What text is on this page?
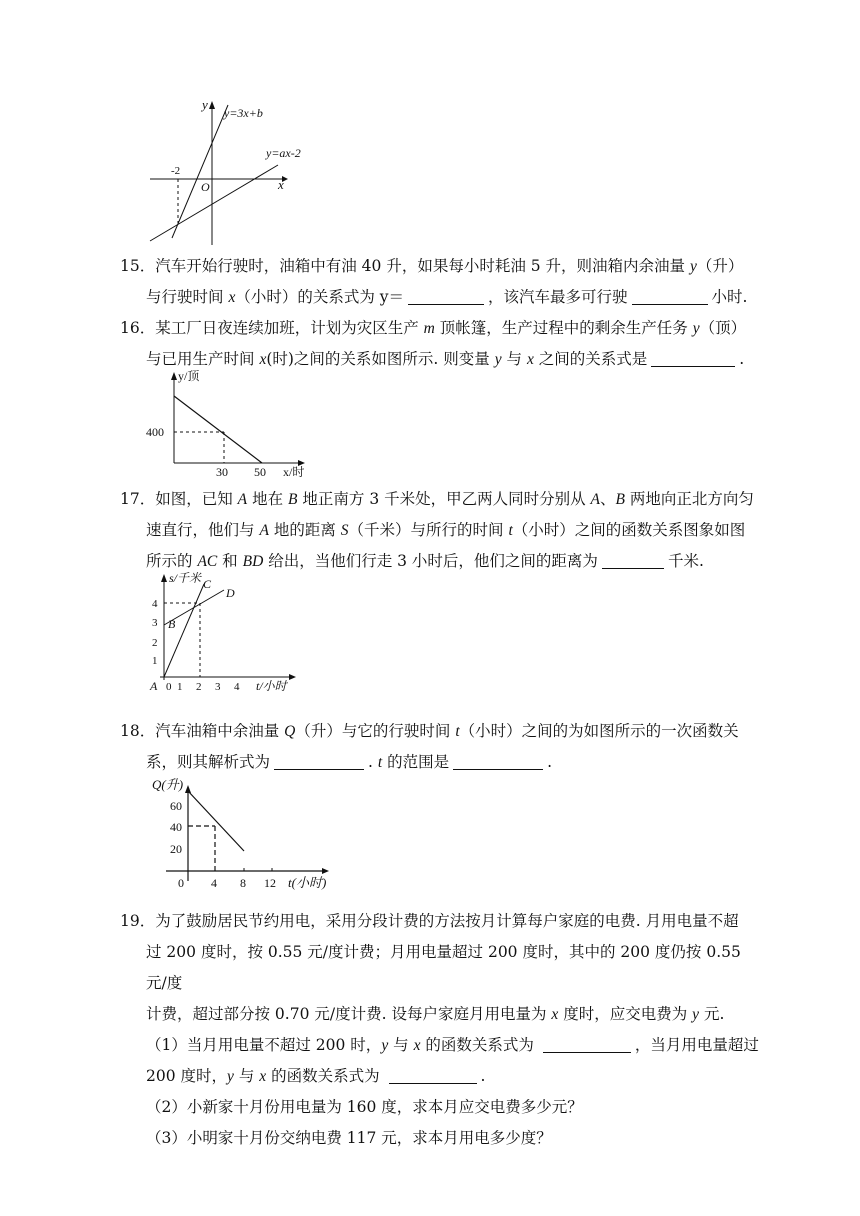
y
x
O
y=3x+b
y=ax-2
-2

15．汽车开始行驶时，油箱中有油 40 升，如果每小时耗油 5 升，则油箱内余油量 y（升）

与行驶时间 x（小时）的关系式为 y＝	，该汽车最多可行驶	小时.

16．某工厂日夜连续加班，计划为灾区生产 m 顶帐篷，生产过程中的剩余生产任务 y（顶）

与已用生产时间 x(时)之间的关系如图所示. 则变量 y 与 x 之间的关系式是	.

y/顶
x/时
400
30 50

17．如图，已知 A 地在 B 地正南方 3 千米处，甲乙两人同时分别从 A、B 两地向正北方向匀

速直行，他们与 A 地的距离 S（千米）与所行的时间 t（小时）之间的函数关系图象如图

所示的 AC 和 BD 给出，当他们行走 3 小时后，他们之间的距离为	千米.

s/千米
t/小时
1
2
3
4
0 1 2 3 4
A
B
C
D

18．汽车油箱中余油量 Q（升）与它的行驶时间 t（小时）之间的为如图所示的一次函数关

系，则其解析式为	. t 的范围是	.

Q(升)
t(小时)
20
40
60
0 4 8 12

19．为了鼓励居民节约用电，采用分段计费的方法按月计算每户家庭的电费. 月用电量不超

过 200 度时，按 0.55 元/度计费；月用电量超过 200 度时，其中的 200 度仍按 0.55 元/度

计费，超过部分按 0.70 元/度计费. 设每户家庭月用电量为 x 度时，应交电费为 y 元.

（1）当月用电量不超过 200 时，y 与 x 的函数关系式为	，当月用电量超过

200 度时，y 与 x 的函数关系式为	.

（2）小新家十月份用电量为 160 度，求本月应交电费多少元？

（3）小明家十月份交纳电费 117 元，求本月用电多少度？
